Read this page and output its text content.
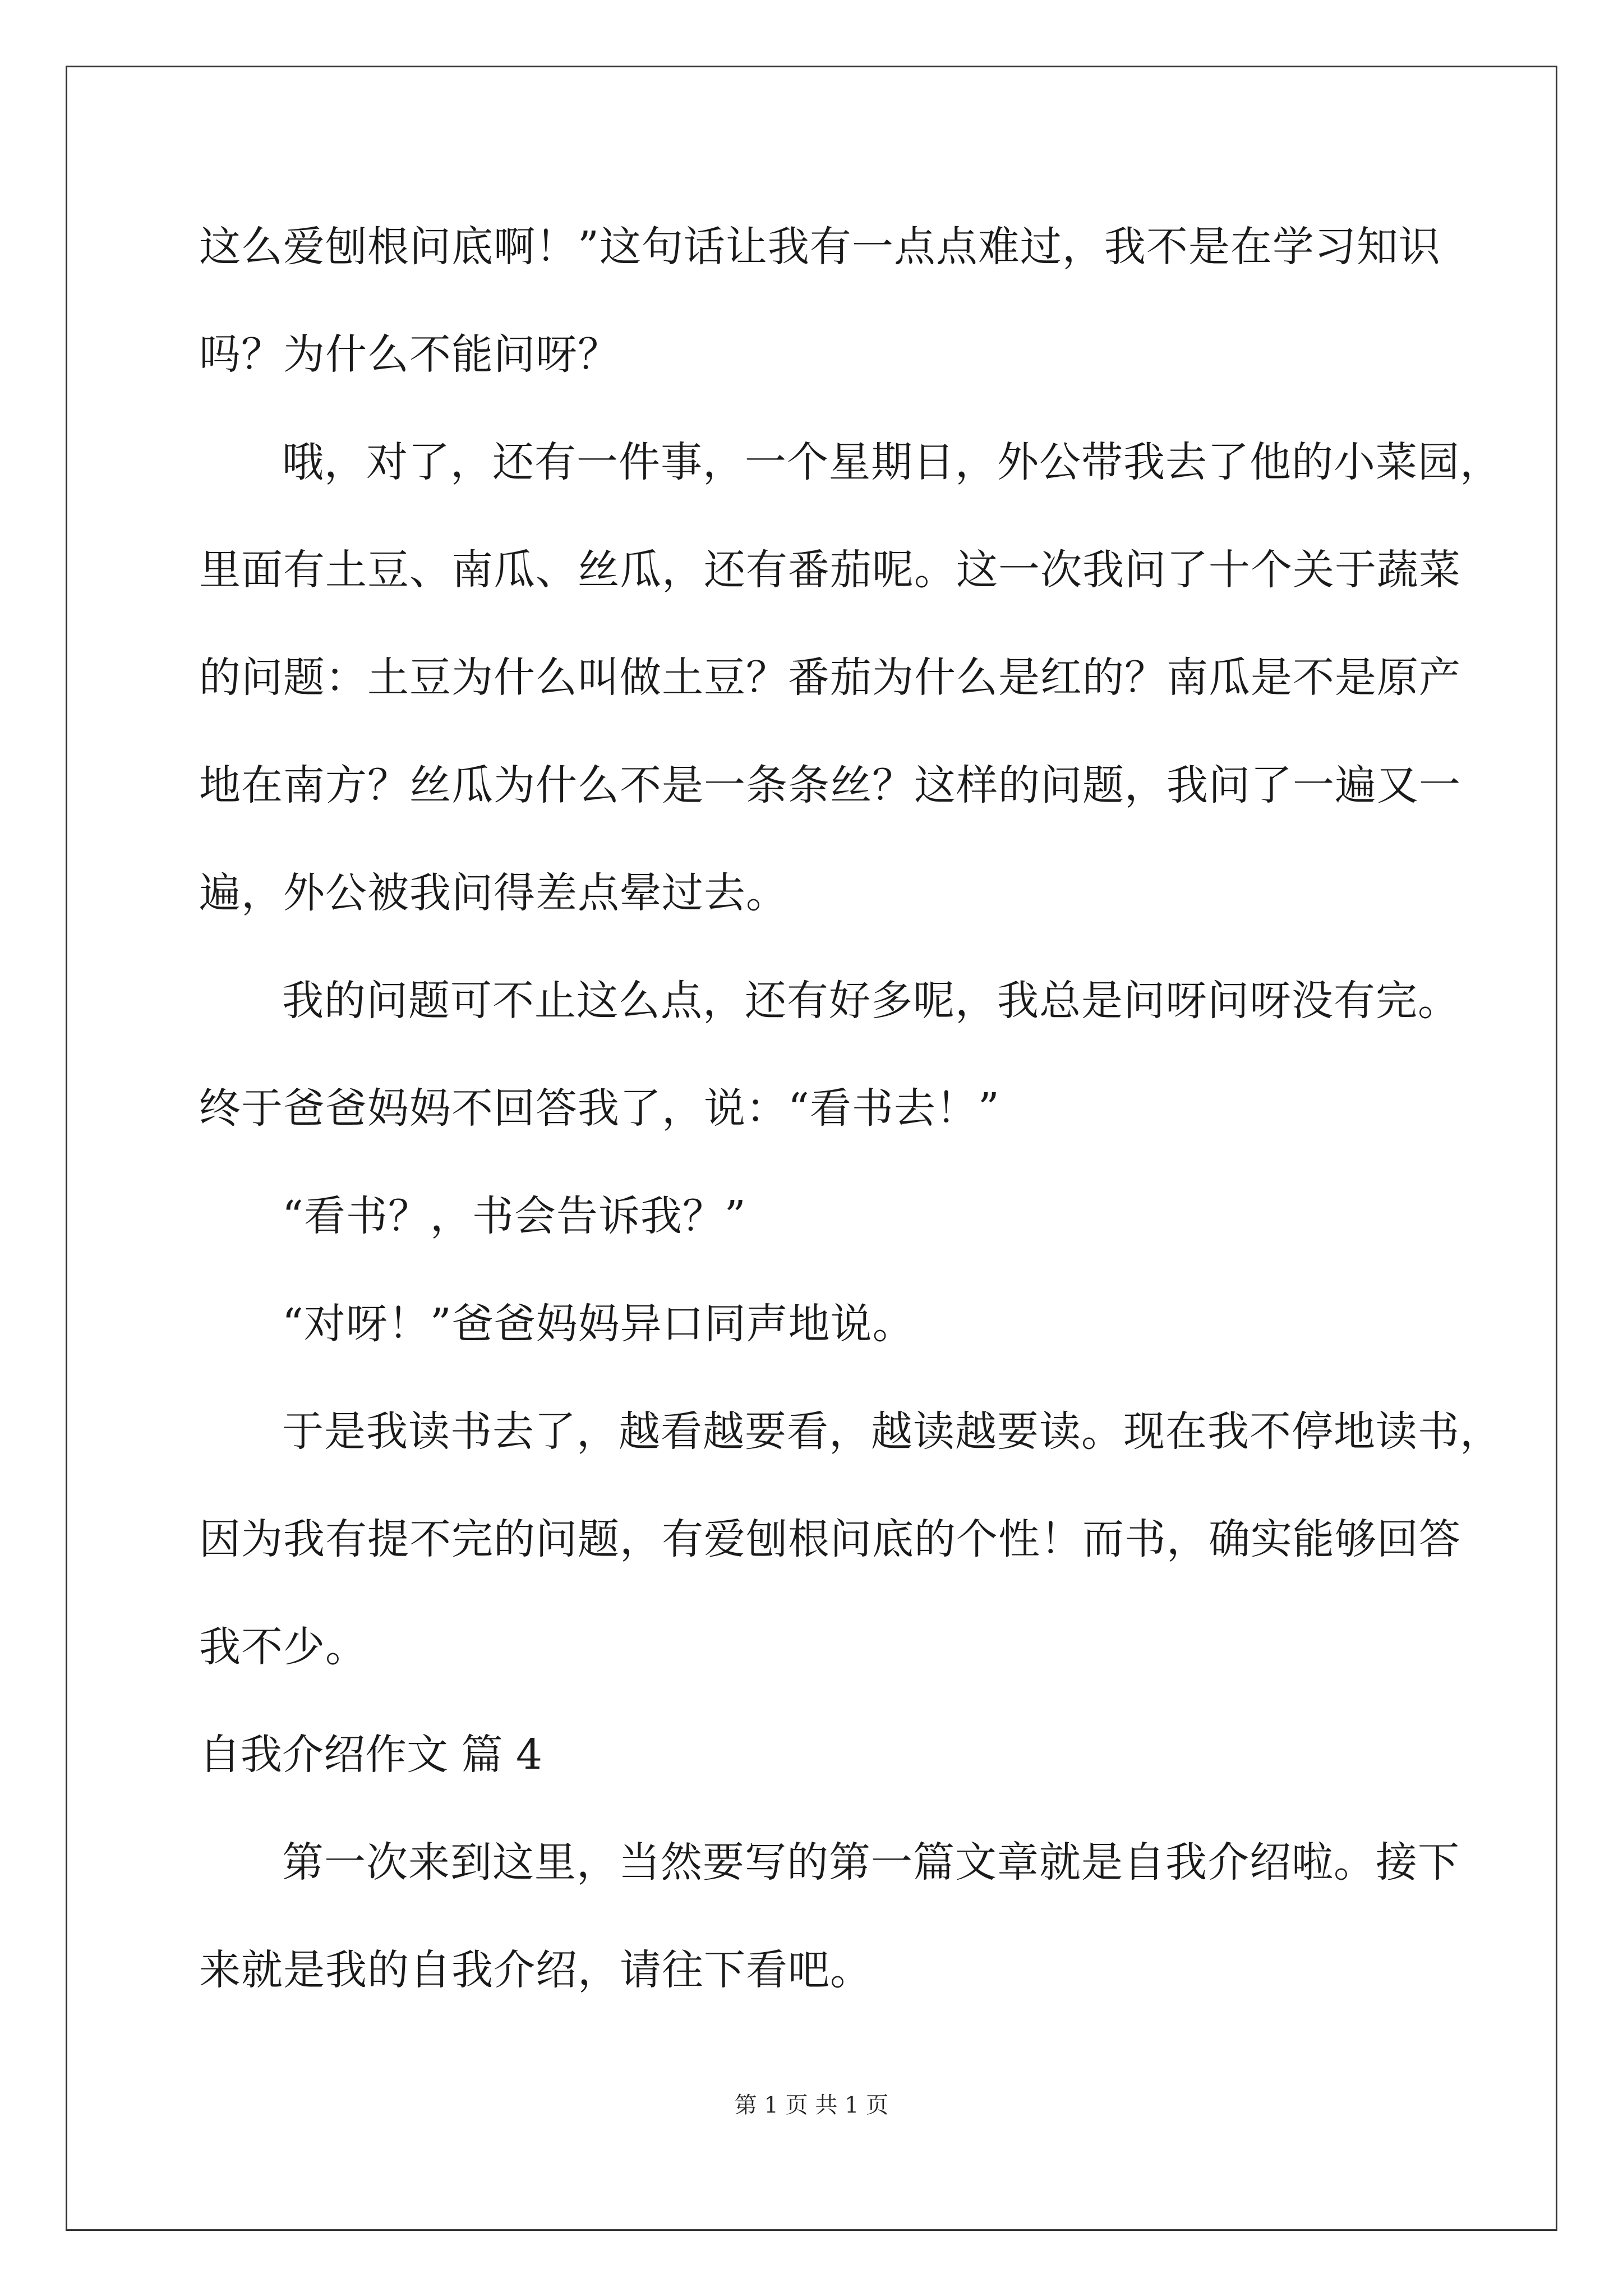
这么爱刨根问底啊！”这句话让我有一点点难过，我不是在学习知识
吗？为什么不能问呀？
哦，对了，还有一件事，一个星期日，外公带我去了他的小菜园，
里面有土豆、南瓜、丝瓜，还有番茄呢。这一次我问了十个关于蔬菜
的问题：土豆为什么叫做土豆？番茄为什么是红的？南瓜是不是原产
地在南方？丝瓜为什么不是一条条丝？这样的问题，我问了一遍又一
遍，外公被我问得差点晕过去。
我的问题可不止这么点，还有好多呢，我总是问呀问呀没有完。
终于爸爸妈妈不回答我了，说：“看书去！”
“看书？，书会告诉我？”
“对呀！”爸爸妈妈异口同声地说。
于是我读书去了，越看越要看，越读越要读。现在我不停地读书，
因为我有提不完的问题，有爱刨根问底的个性！而书，确实能够回答
我不少。
自我介绍作文 篇 4
第一次来到这里，当然要写的第一篇文章就是自我介绍啦。接下
来就是我的自我介绍，请往下看吧。
第 1 页 共 1 页
